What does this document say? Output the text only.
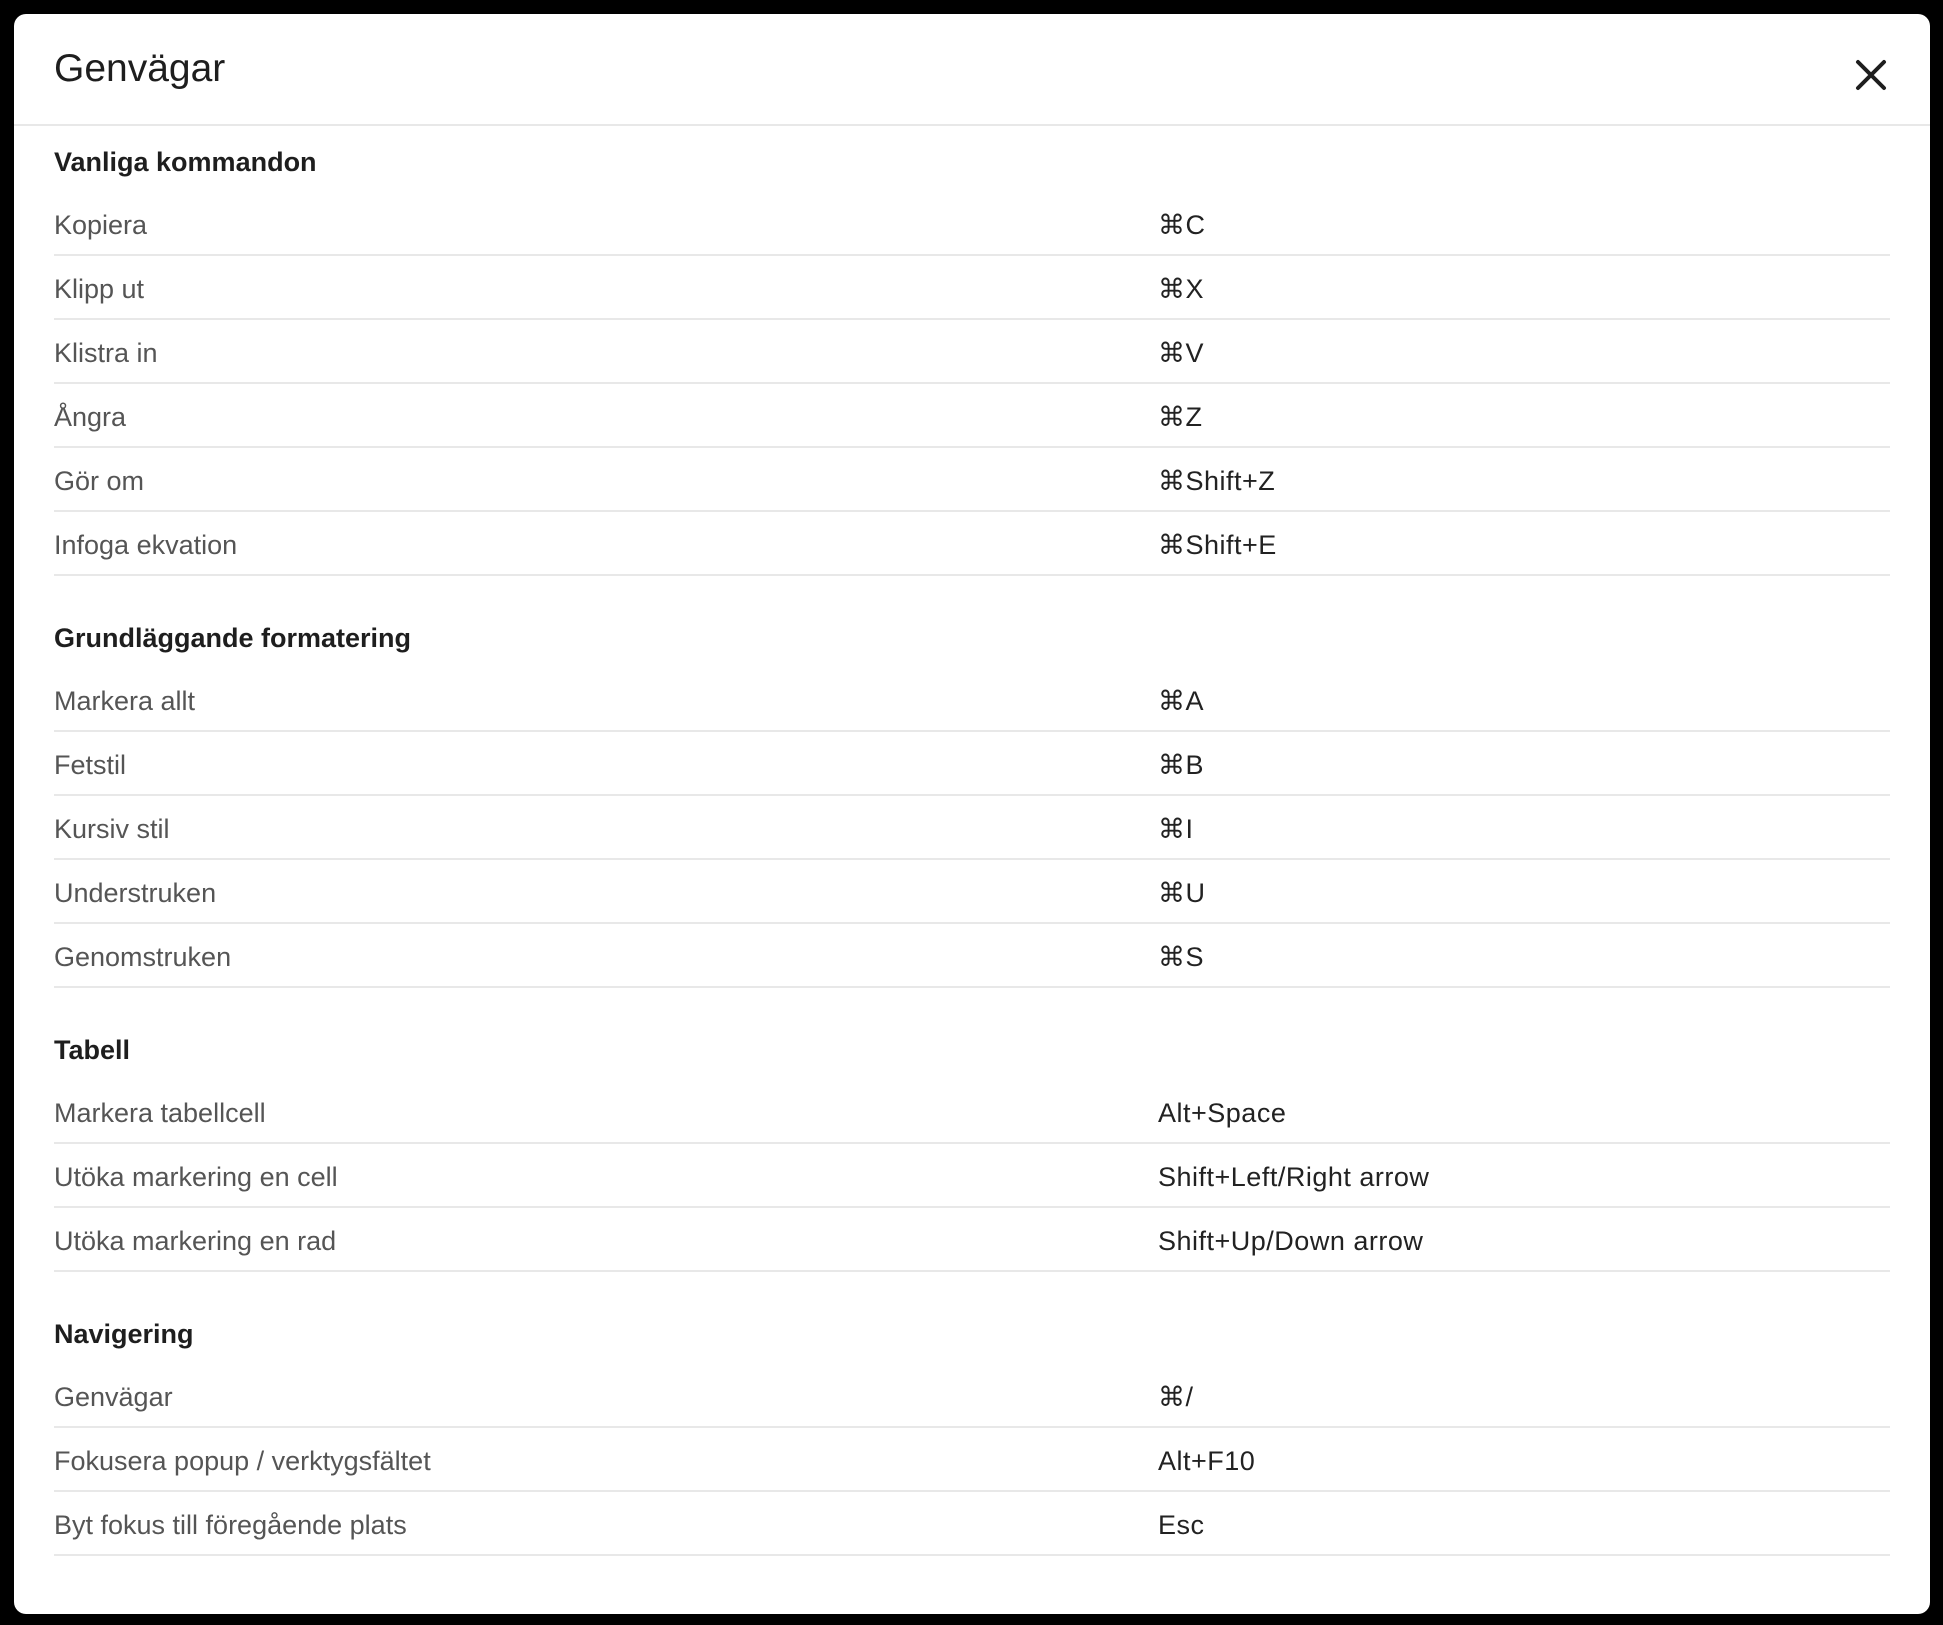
Genvägar
Vanliga kommandon
Kopiera	⌘C
Klipp ut	⌘X
Klistra in	⌘V
Ångra	⌘Z
Gör om	⌘Shift+Z
Infoga ekvation	⌘Shift+E
Grundläggande formatering
Markera allt	⌘A
Fetstil	⌘B
Kursiv stil	⌘I
Understruken	⌘U
Genomstruken	⌘S
Tabell
Markera tabellcell	Alt+Space
Utöka markering en cell	Shift+Left/Right arrow
Utöka markering en rad	Shift+Up/Down arrow
Navigering
Genvägar	⌘/
Fokusera popup / verktygsfältet	Alt+F10
Byt fokus till föregående plats	Esc
